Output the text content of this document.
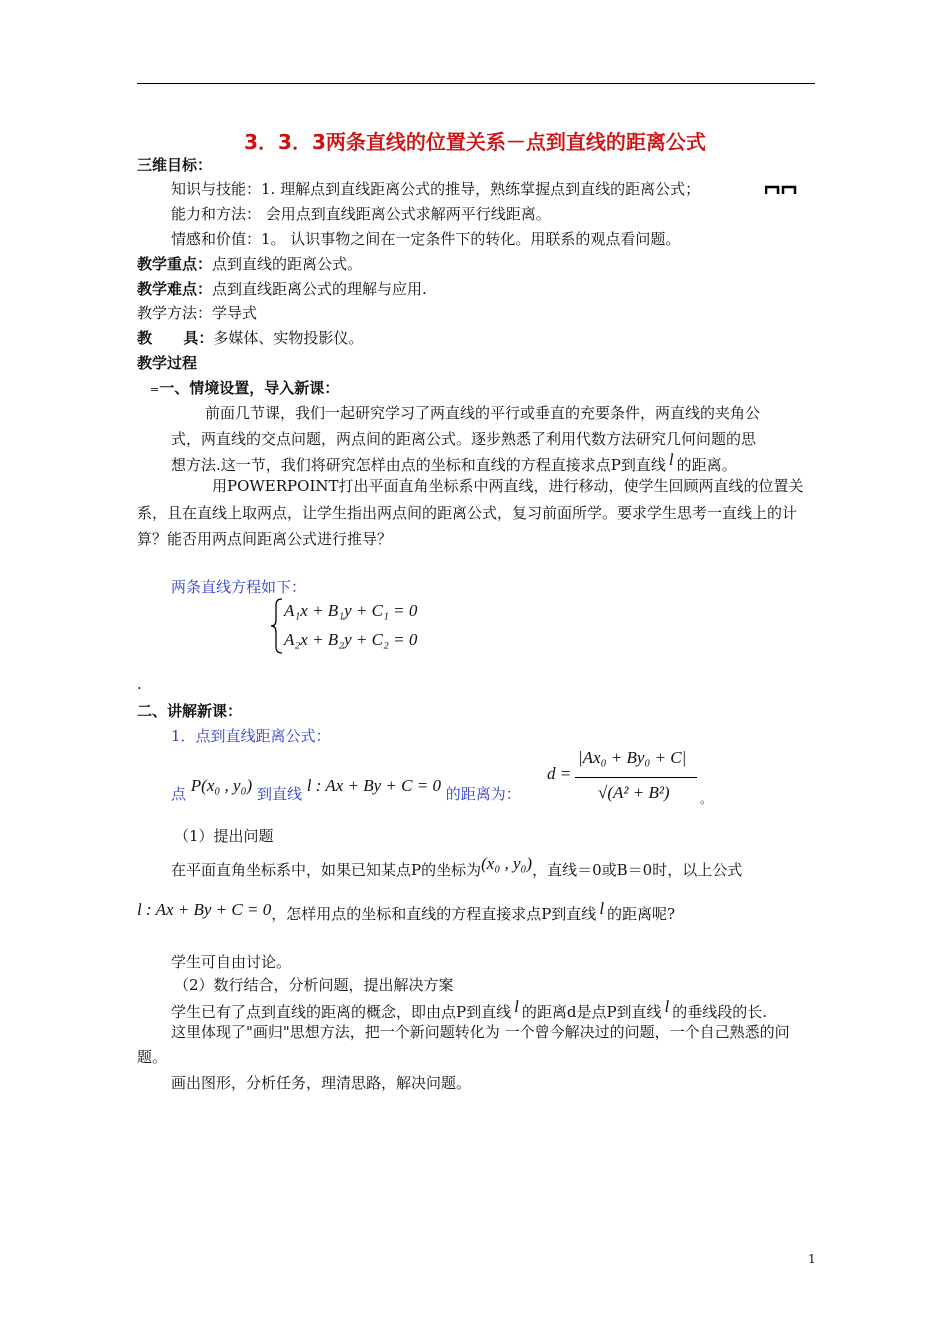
3．3．3两条直线的位置关系－点到直线的距离公式
三维目标：
知识与技能：1. 理解点到直线距离公式的推导，熟练掌握点到直线的距离公式；
能力和方法： 会用点到直线距离公式求解两平行线距离。
情感和价值：1。 认识事物之间在一定条件下的转化。用联系的观点看问题。
教学重点：点到直线的距离公式。
教学难点：点到直线距离公式的理解与应用.
教学方法：学导式
教      具：多媒体、实物投影仪。
教学过程
=一、情境设置，导入新课：
前面几节课，我们一起研究学习了两直线的平行或垂直的充要条件，两直线的夹角公
式，两直线的交点问题，两点间的距离公式。逐步熟悉了利用代数方法研究几何问题的思
想方法.这一节，我们将研究怎样由点的坐标和直线的方程直接求点P到直线 l 的距离。
用POWERPOINT打出平面直角坐标系中两直线，进行移动，使学生回顾两直线的位置关系，且在直线上取两点，让学生指出两点间的距离公式，复习前面所学。要求学生思考一直线上的计算？能否用两点间距离公式进行推导？
两条直线方程如下：
A₁x + B₁y + C₁ = 0
A₂x + B₂y + C₂ = 0
.
二、讲解新课：
1．点到直线距离公式：
点 P(x₀ , y₀) 到直线 l : Ax + By + C = 0 的距离为：
d =
|Ax₀ + By₀ + C|
√(A² + B²)	。
（1）提出问题
在平面直角坐标系中，如果已知某点P的坐标为(x₀ , y₀)，直线＝0或B＝0时，以上公式
l : Ax + By + C = 0，怎样用点的坐标和直线的方程直接求点P到直线 l 的距离呢?
学生可自由讨论。
（2）数行结合，分析问题，提出解决方案
学生已有了点到直线的距离的概念，即由点P到直线 l 的距离d是点P到直线 l 的垂线段的长.
这里体现了"画归"思想方法，把一个新问题转化为 一个曾今解决过的问题，一个自己熟悉的问题。
画出图形，分析任务，理清思路，解决问题。
1
